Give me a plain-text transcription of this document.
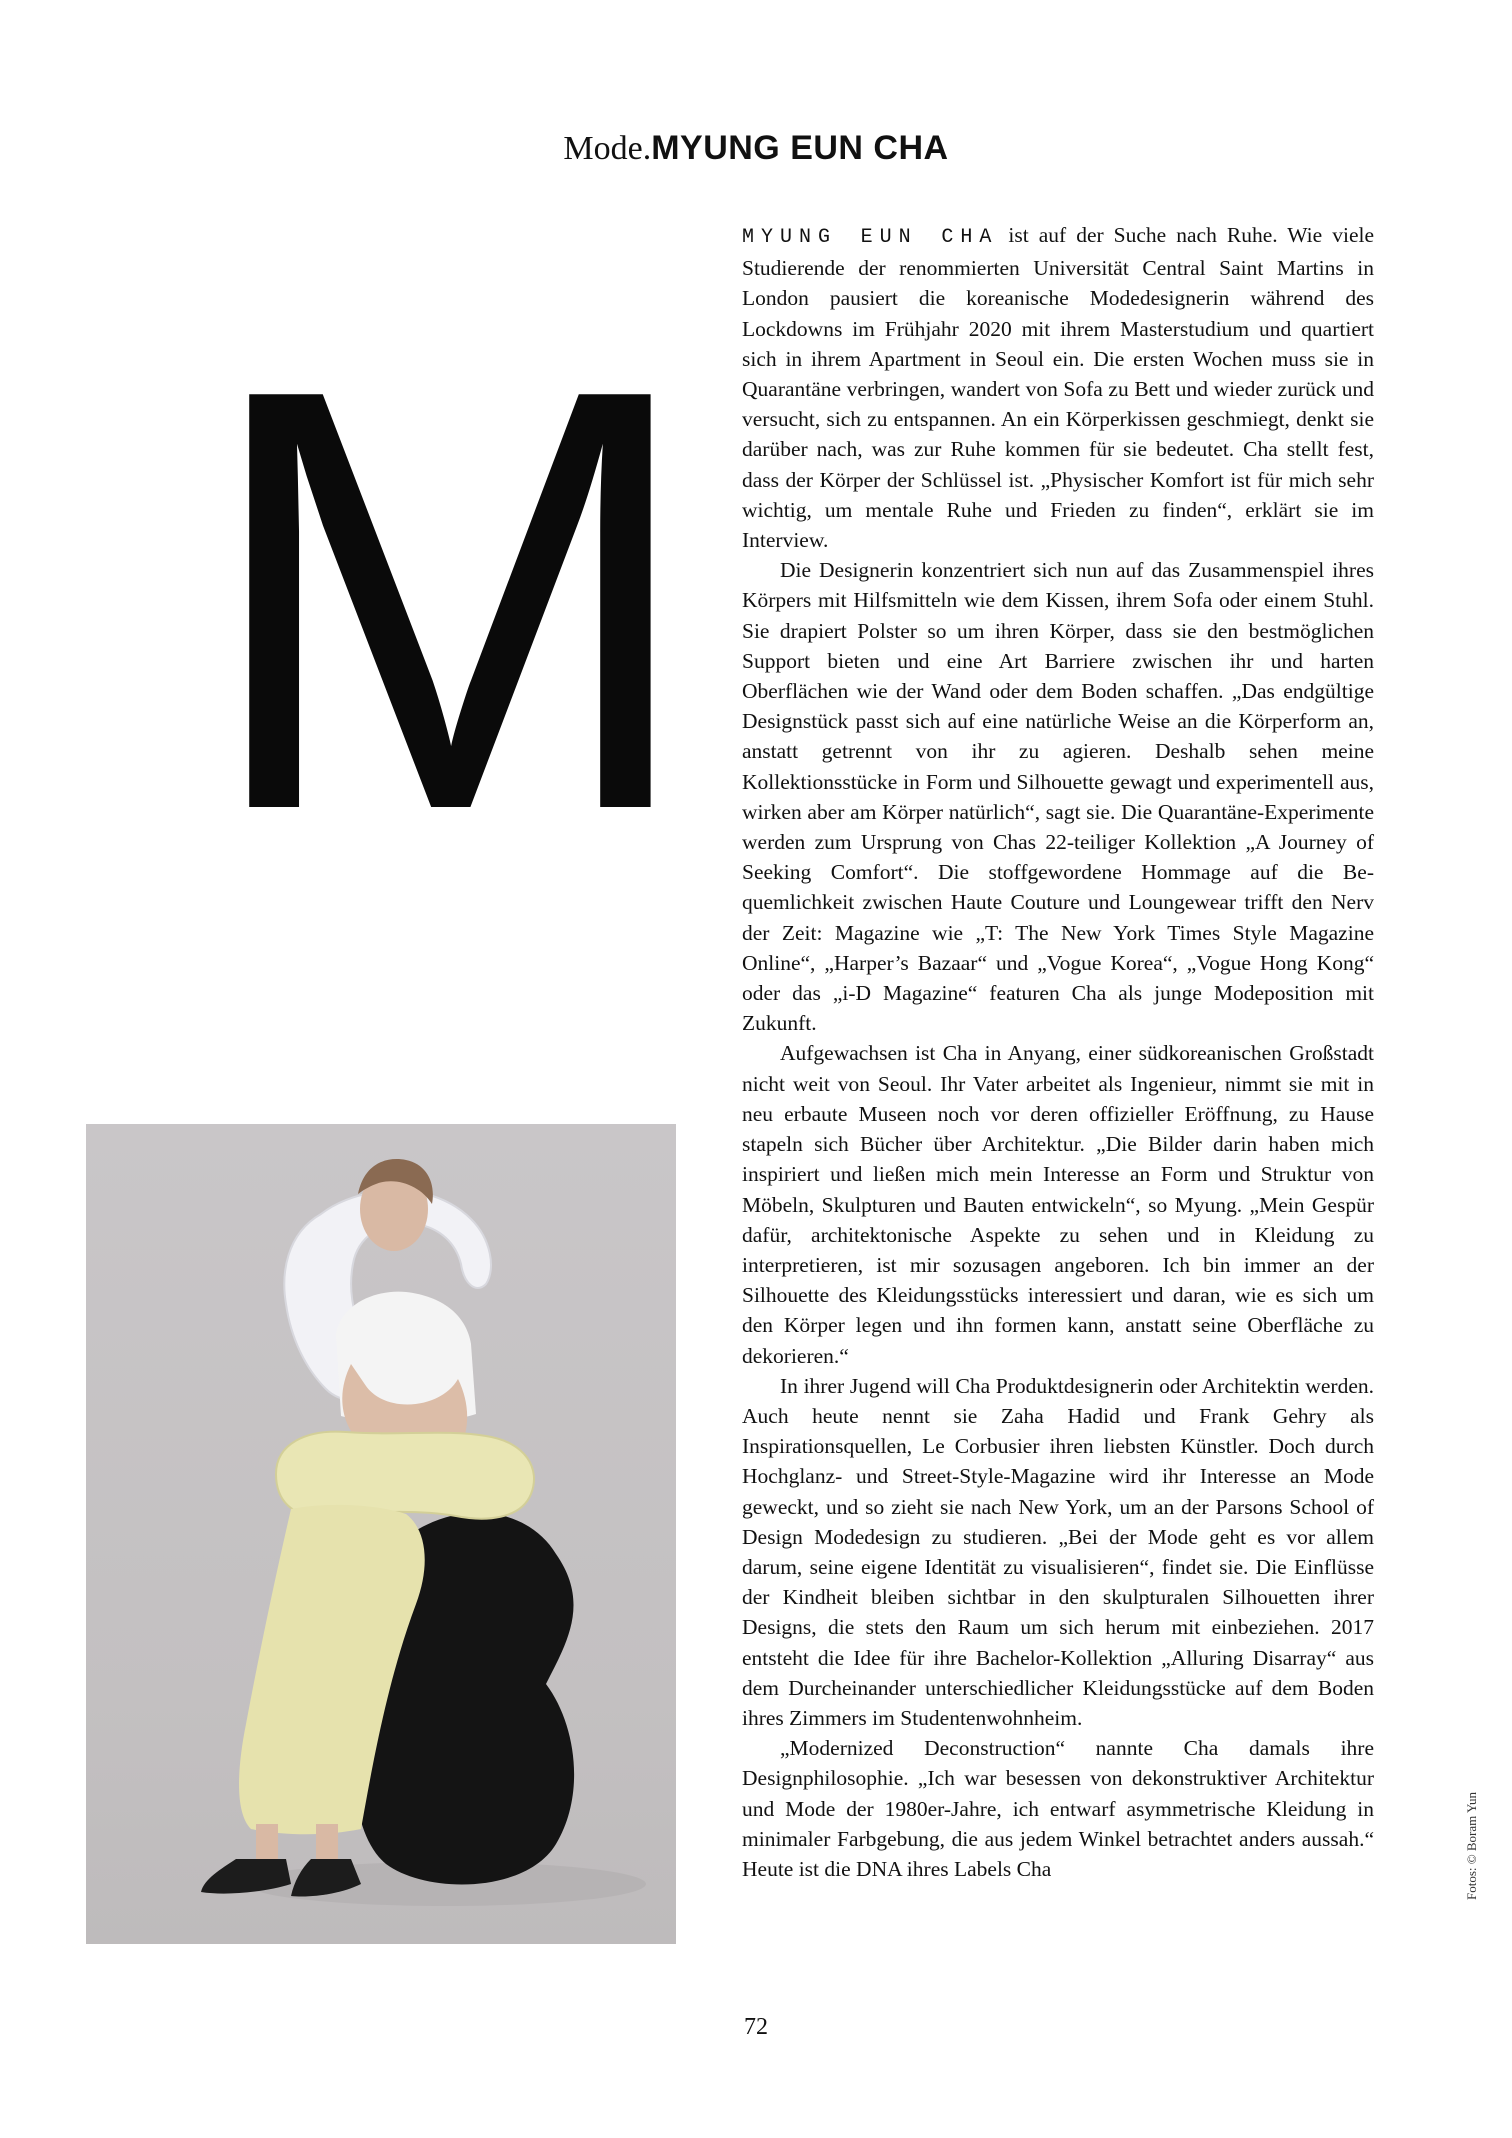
Mode.MYUNG EUN CHA
M

MYUNG EUN CHA ist auf der Suche nach Ruhe. Wie viele Studierende der renommierten Universität Central Saint Martins in London pausiert die koreanische Modedesignerin während des Lockdowns im Frühjahr 2020 mit ihrem Masterstudium und quartiert sich in ihrem Apartment in Seoul ein. Die ersten Wochen muss sie in Quarantäne verbringen, wandert von Sofa zu Bett und wieder zurück und versucht, sich zu entspannen. An ein Körperkissen geschmiegt, denkt sie darüber nach, was zur Ruhe kommen für sie bedeutet. Cha stellt fest, dass der Körper der Schlüssel ist. „Physischer Komfort ist für mich sehr wichtig, um mentale Ruhe und Frieden zu finden“, erklärt sie im Interview.

Die Designerin konzentriert sich nun auf das Zusammenspiel ihres Körpers mit Hilfsmitteln wie dem Kissen, ihrem Sofa oder einem Stuhl. Sie drapiert Polster so um ihren Körper, dass sie den bestmöglichen Support bieten und eine Art Barriere zwischen ihr und harten Oberflächen wie der Wand oder dem Boden schaffen. „Das endgültige Designstück passt sich auf eine natürliche Weise an die Körperform an, anstatt getrennt von ihr zu agieren. Deshalb sehen meine Kollektionsstücke in Form und Silhouette gewagt und experimentell aus, wirken aber am Körper natürlich“, sagt sie. Die Quarantäne-Experimente werden zum Ursprung von Chas 22-teiliger Kollektion „A Journey of Seeking Comfort“. Die stoffgewordene Hommage auf die Bequemlichkeit zwischen Haute Couture und Loungewear trifft den Nerv der Zeit: Magazine wie „T: The New York Times Style Magazine Online“, „Harper’s Bazaar“ und „Vogue Korea“, „Vogue Hong Kong“ oder das „i-D Magazine“ featuren Cha als junge Modeposition mit Zukunft.

Aufgewachsen ist Cha in Anyang, einer südkoreanischen Großstadt nicht weit von Seoul. Ihr Vater arbeitet als Ingenieur, nimmt sie mit in neu erbaute Museen noch vor deren offizieller Eröffnung, zu Hause stapeln sich Bücher über Architektur. „Die Bilder darin haben mich inspiriert und ließen mich mein Interesse an Form und Struktur von Möbeln, Skulpturen und Bauten entwickeln“, so Myung. „Mein Gespür dafür, architektonische Aspekte zu sehen und in Kleidung zu interpretieren, ist mir sozusagen angeboren. Ich bin immer an der Silhouette des Kleidungsstücks interessiert und daran, wie es sich um den Körper legen und ihn formen kann, anstatt seine Oberfläche zu dekorieren.“

In ihrer Jugend will Cha Produktdesignerin oder Architektin werden. Auch heute nennt sie Zaha Hadid und Frank Gehry als Inspirationsquellen, Le Corbusier ihren liebsten Künstler. Doch durch Hochglanz- und Street-Style-Magazine wird ihr Interesse an Mode geweckt, und so zieht sie nach New York, um an der Parsons School of Design Modedesign zu studieren. „Bei der Mode geht es vor allem darum, seine eigene Identität zu visualisieren“, findet sie. Die Einflüsse der Kindheit bleiben sichtbar in den skulpturalen Silhouetten ihrer Designs, die stets den Raum um sich herum mit einbeziehen. 2017 entsteht die Idee für ihre Bachelor-Kollektion „Alluring Disarray“ aus dem Durcheinander unterschiedlicher Kleidungsstücke auf dem Boden ihres Zimmers im Studentenwohnheim.

„Modernized Deconstruction“ nannte Cha damals ihre Designphilosophie. „Ich war besessen von dekonstruktiver Architektur und Mode der 1980er-Jahre, ich entwarf asymmetrische Kleidung in minimaler Farbgebung, die aus jedem Winkel betrachtet anders aussah.“ Heute ist die DNA ihres Labels Cha	Fotos: © Boram Yun
72
